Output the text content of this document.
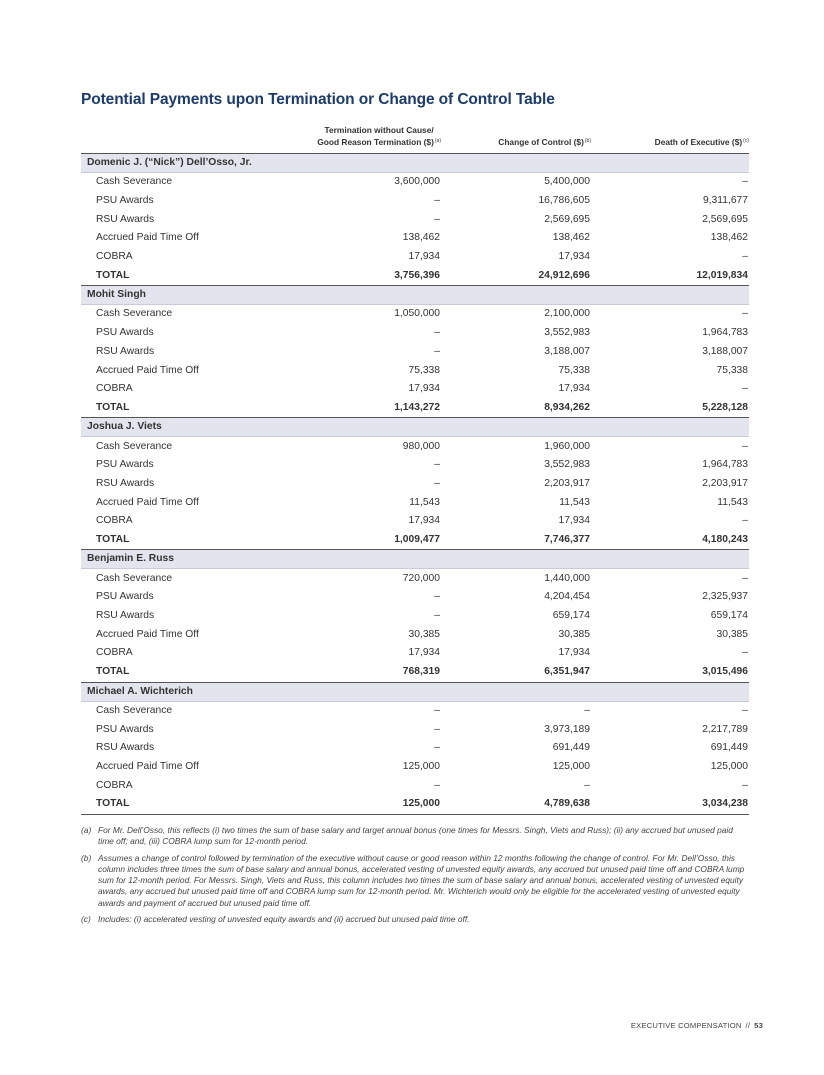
Potential Payments upon Termination or Change of Control Table

	Termination without Cause/
Good Reason Termination ($)$^{(a)}$	Change of Control ($)$^{(b)}$	Death of Executive ($)$^{(c)}$
Domenic J. (“Nick”) Dell’Osso, Jr.			
Cash Severance	3,600,000	5,400,000	–
PSU Awards	–	16,786,605	9,311,677
RSU Awards	–	2,569,695	2,569,695
Accrued Paid Time Off	138,462	138,462	138,462
COBRA	17,934	17,934	–
TOTAL	3,756,396	24,912,696	12,019,834
Mohit Singh			
Cash Severance	1,050,000	2,100,000	–
PSU Awards	–	3,552,983	1,964,783
RSU Awards	–	3,188,007	3,188,007
Accrued Paid Time Off	75,338	75,338	75,338
COBRA	17,934	17,934	–
TOTAL	1,143,272	8,934,262	5,228,128
Joshua J. Viets			
Cash Severance	980,000	1,960,000	–
PSU Awards	–	3,552,983	1,964,783
RSU Awards	–	2,203,917	2,203,917
Accrued Paid Time Off	11,543	11,543	11,543
COBRA	17,934	17,934	–
TOTAL	1,009,477	7,746,377	4,180,243
Benjamin E. Russ			
Cash Severance	720,000	1,440,000	–
PSU Awards	–	4,204,454	2,325,937
RSU Awards	–	659,174	659,174
Accrued Paid Time Off	30,385	30,385	30,385
COBRA	17,934	17,934	–
TOTAL	768,319	6,351,947	3,015,496
Michael A. Wichterich			
Cash Severance	–	–	–
PSU Awards	–	3,973,189	2,217,789
RSU Awards	–	691,449	691,449
Accrued Paid Time Off	125,000	125,000	125,000
COBRA	–	–	–
TOTAL	125,000	4,789,638	3,034,238
(a) For Mr. Dell’Osso, this reflects (i) two times the sum of base salary and target annual bonus (one times for Messrs. Singh, Viets and Russ); (ii) any accrued but unused paid time off; and, (iii) COBRA lump sum for 12-month period.
(b) Assumes a change of control followed by termination of the executive without cause or good reason within 12 months following the change of control. For Mr. Dell’Osso, this column includes three times the sum of base salary and annual bonus, accelerated vesting of unvested equity awards, any accrued but unused paid time off and COBRA lump sum for 12-month period. For Messrs. Singh, Viets and Russ, this column includes two times the sum of base salary and annual bonus, accelerated vesting of unvested equity awards, any accrued but unused paid time off and COBRA lump sum for 12-month period. Mr. Wichterich would only be eligible for the accelerated vesting of unvested equity awards and payment of accrued but unused paid time off.
(c) Includes: (i) accelerated vesting of unvested equity awards and (ii) accrued but unused paid time off.
EXECUTIVE COMPENSATION // 53
